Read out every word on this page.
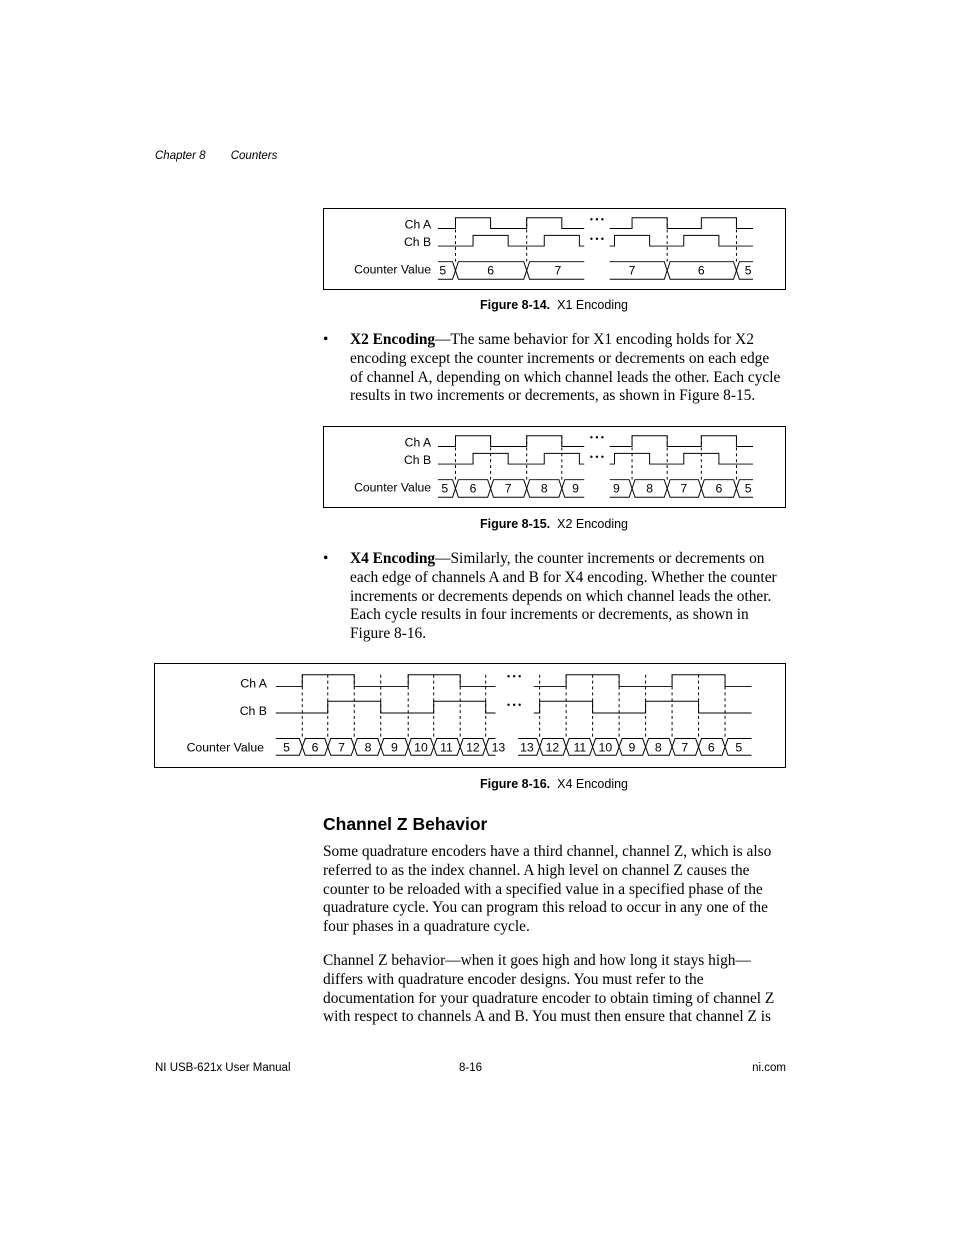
Chapter 8 Counters
Ch A
Ch B
Counter Value
• • •
• • •
5	6	7	7	6	5
Figure 8-14. X1 Encoding
• X2 Encoding—The same behavior for X1 encoding holds for X2 encoding except the counter increments or decrements on each edge of channel A, depending on which channel leads the other. Each cycle results in two increments or decrements, as shown in Figure 8-15.
Ch A
Ch B
Counter Value
• • •
• • •
5 6 7 8 9	9 8 7 6 5
Figure 8-15. X2 Encoding
• X4 Encoding—Similarly, the counter increments or decrements on each edge of channels A and B for X4 encoding. Whether the counter increments or decrements depends on which channel leads the other. Each cycle results in four increments or decrements, as shown in Figure 8-16.
Ch A
Ch B
Counter Value
• • •
• • •
5 6 7 8 9 10 11 12 13 13 12 11 10 9 8 7 6 5
Figure 8-16. X4 Encoding
Channel Z Behavior
Some quadrature encoders have a third channel, channel Z, which is also referred to as the index channel. A high level on channel Z causes the counter to be reloaded with a specified value in a specified phase of the quadrature cycle. You can program this reload to occur in any one of the four phases in a quadrature cycle.
Channel Z behavior—when it goes high and how long it stays high—differs with quadrature encoder designs. You must refer to the documentation for your quadrature encoder to obtain timing of channel Z with respect to channels A and B. You must then ensure that channel Z is
NI USB-621x User Manual	8-16	ni.com
